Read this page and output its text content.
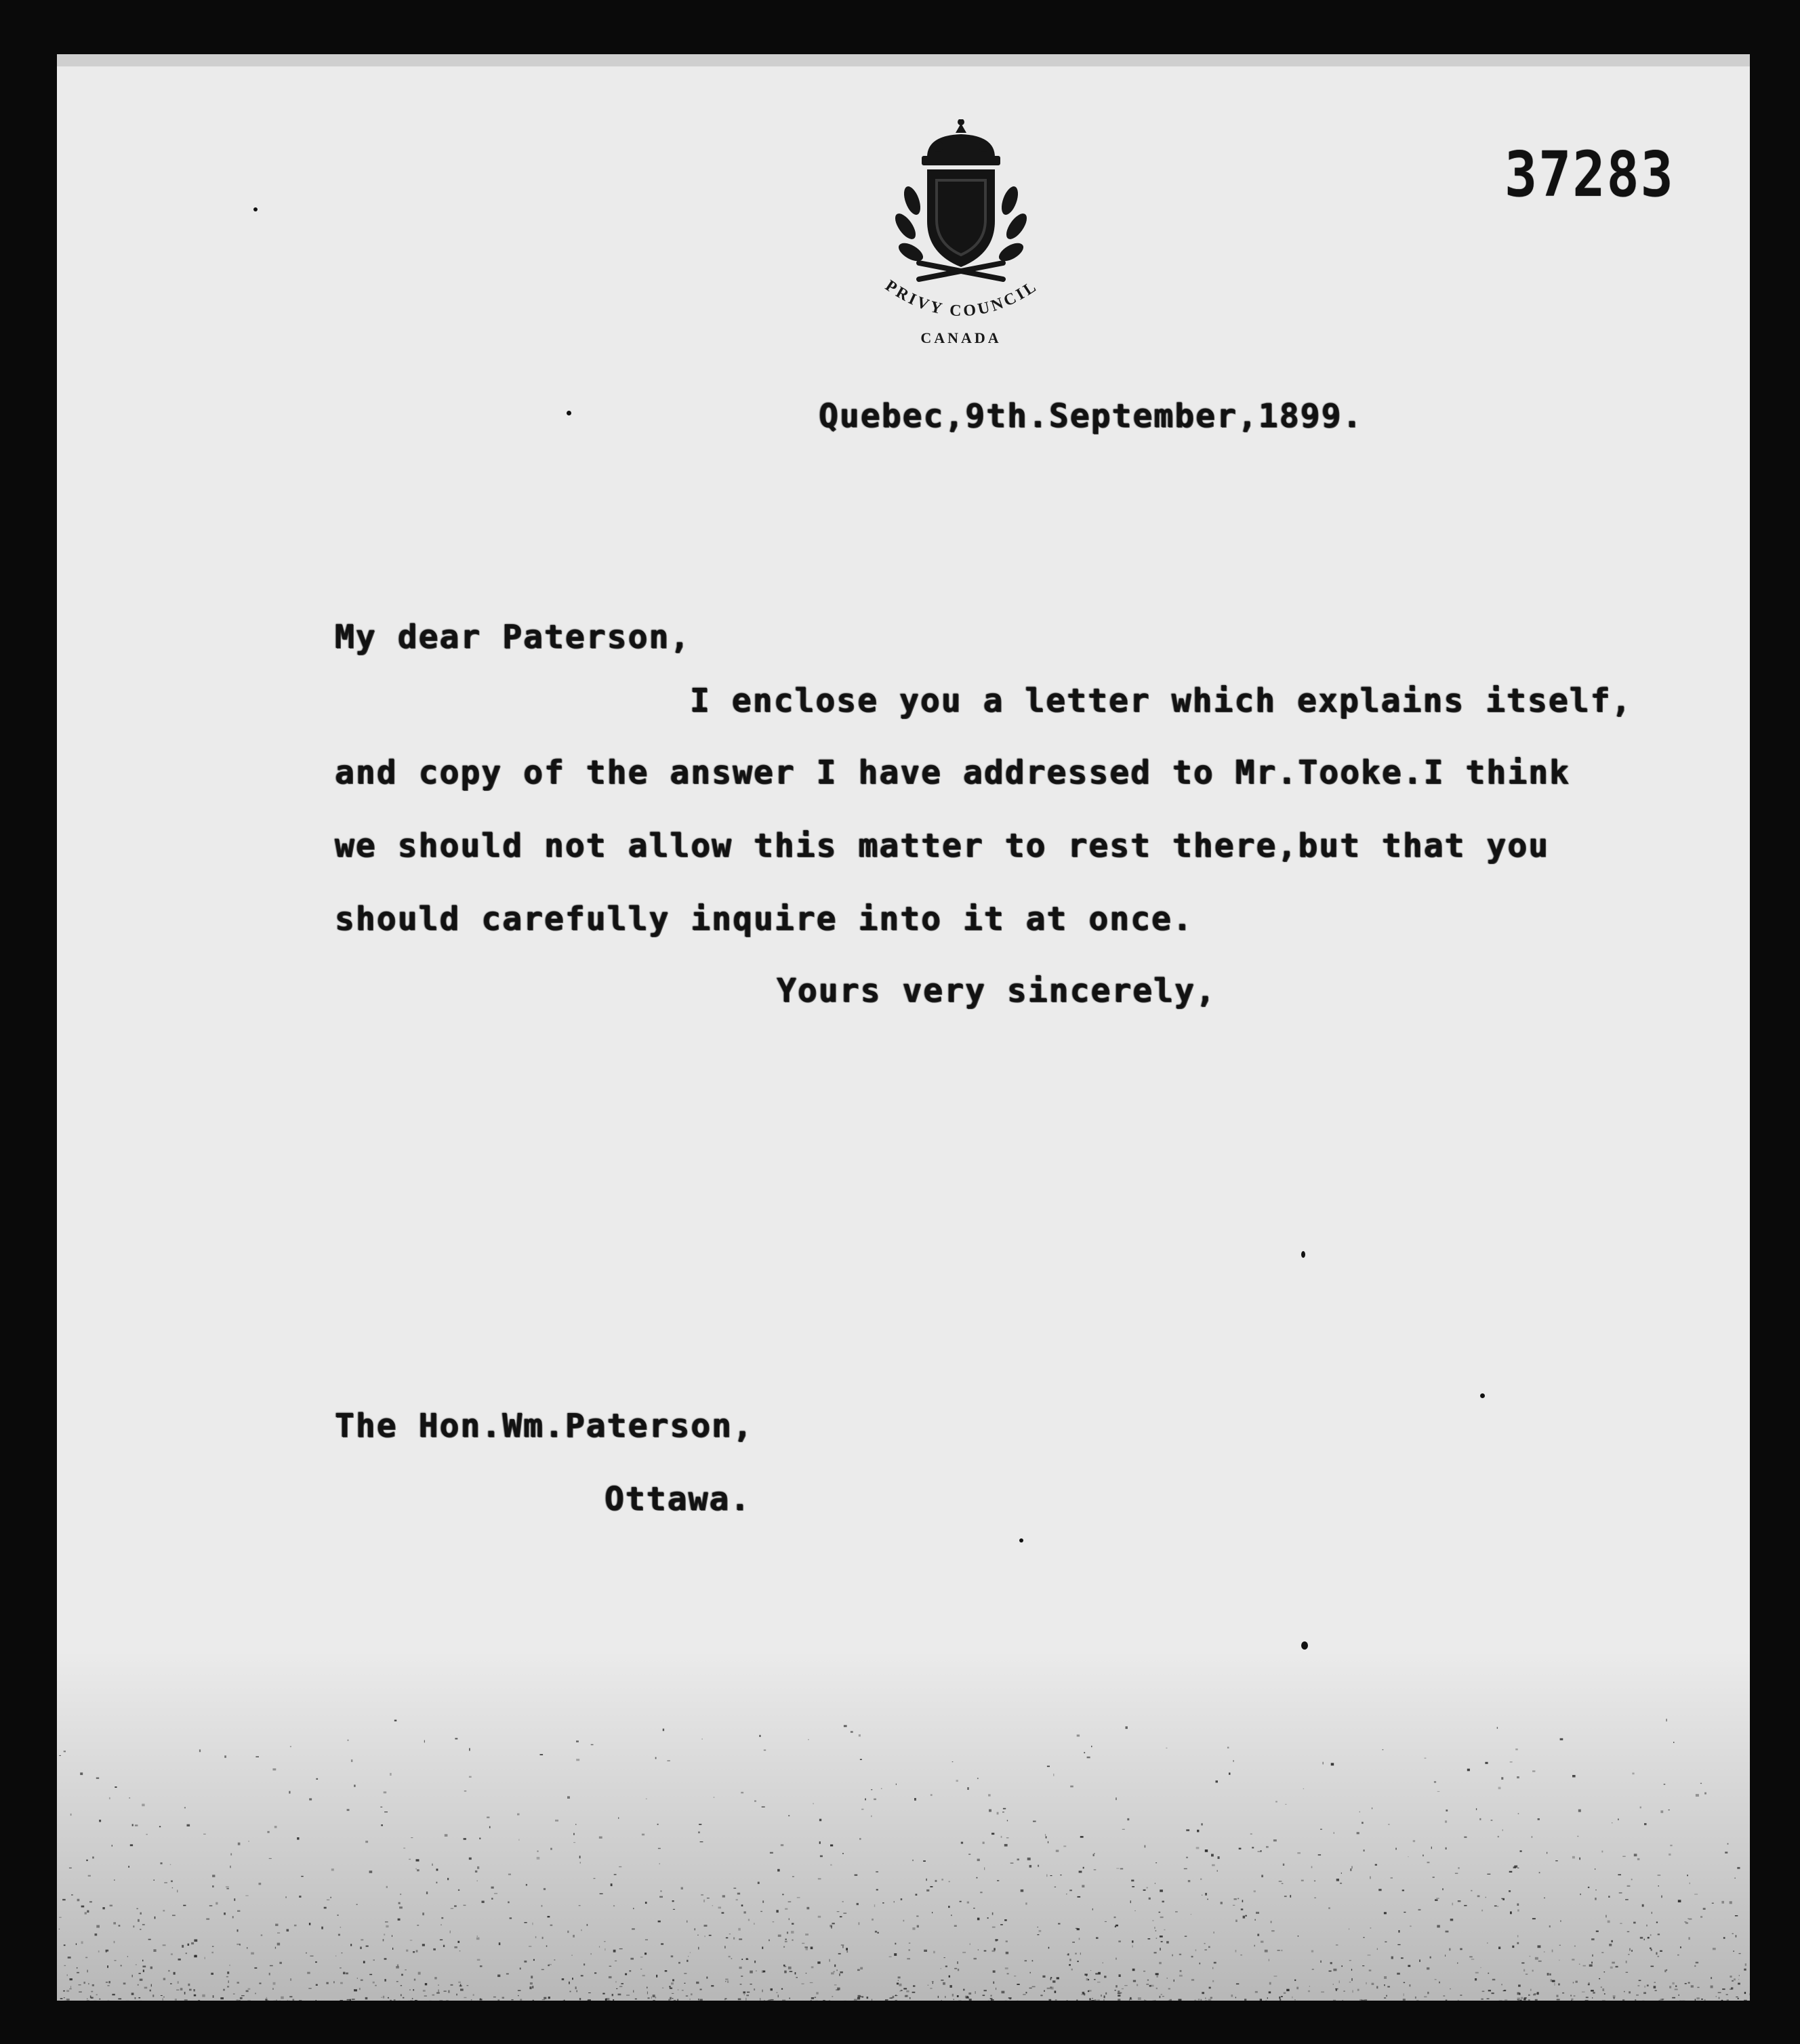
37283
PRIVY COUNCIL
CANADA
Quebec,9th.September,1899.
My dear Paterson,
I enclose you a letter which explains itself,
and copy of the answer I have addressed to Mr.Tooke.I think
we should not allow this matter to rest there,but that you
should carefully inquire into it at once.
Yours very sincerely,
The Hon.Wm.Paterson,
Ottawa.
